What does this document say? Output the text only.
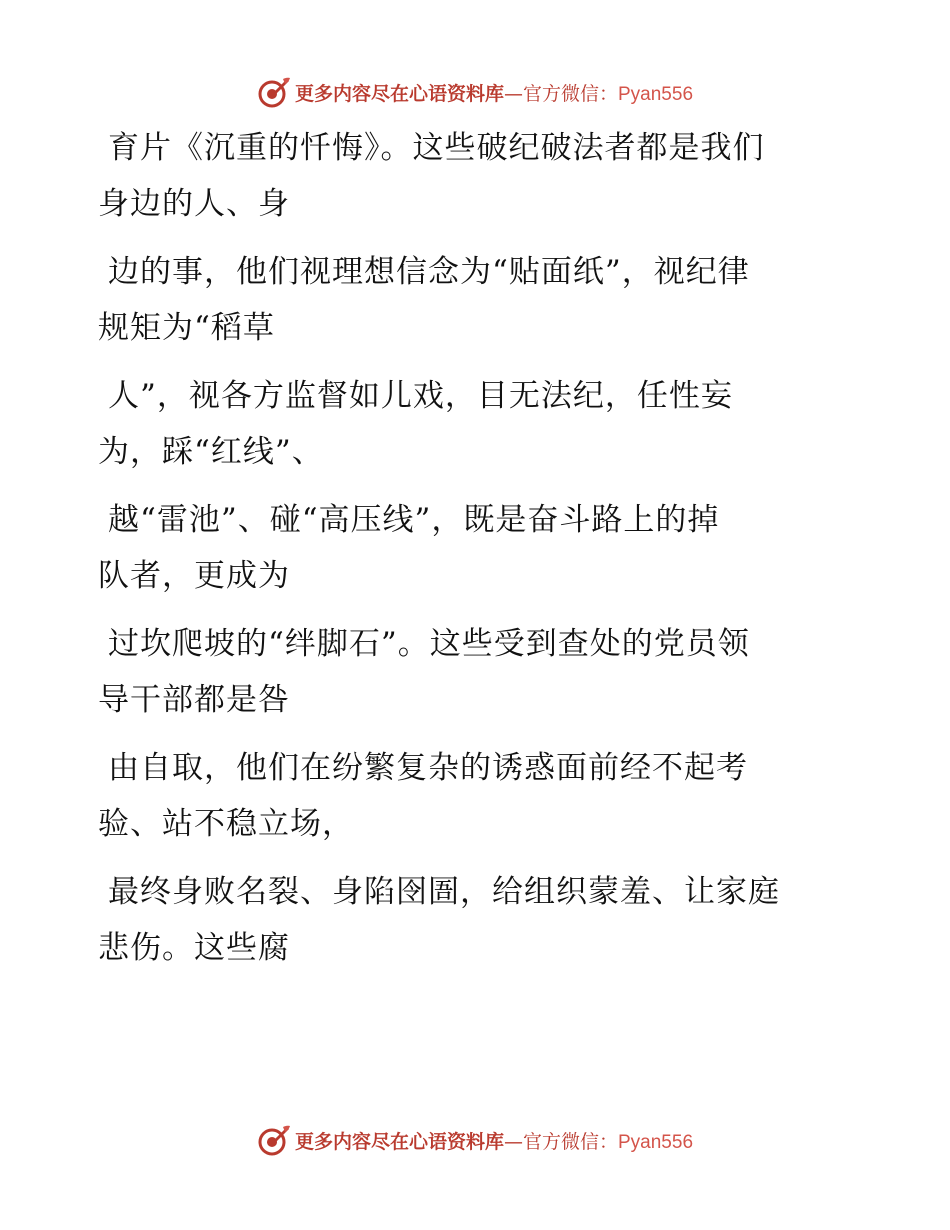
更多内容尽在心语资料库—官方微信：Pyan556
育片《沉重的忏悔》。这些破纪破法者都是我们
身边的人、身
边的事，他们视理想信念为“贴面纸”，视纪律
规矩为“稻草
人”，视各方监督如儿戏，目无法纪，任性妄
为，踩“红线”、
越“雷池”、碰“高压线”，既是奋斗路上的掉
队者，更成为
过坎爬坡的“绊脚石”。这些受到查处的党员领
导干部都是咎
由自取，他们在纷繁复杂的诱惑面前经不起考
验、站不稳立场，
最终身败名裂、身陷囹圄，给组织蒙羞、让家庭
悲伤。这些腐
更多内容尽在心语资料库—官方微信：Pyan556
